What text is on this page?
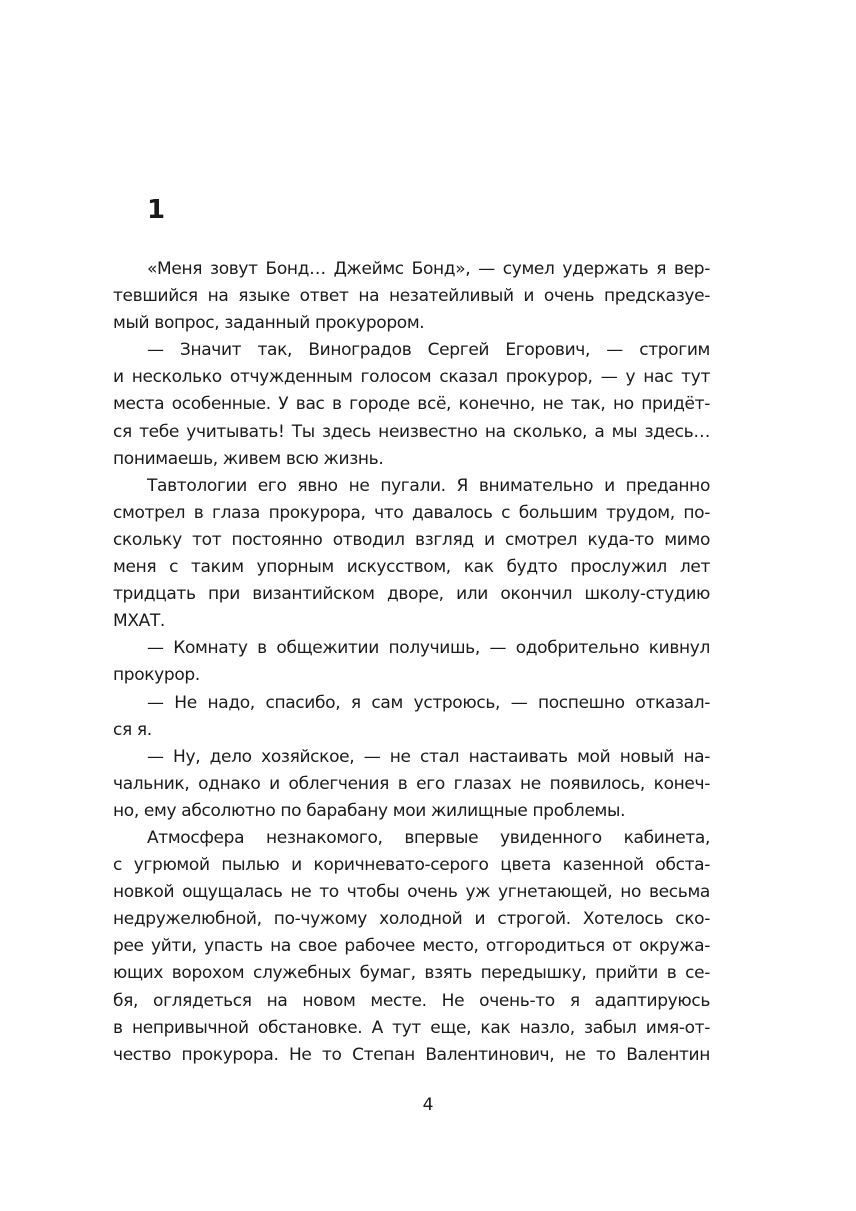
1
«Меня зовут Бонд… Джеймс Бонд», — сумел удержать я вер-
тевшийся на языке ответ на незатейливый и очень предсказуе-
мый вопрос, заданный прокурором.
— Значит так, Виноградов Сергей Егорович, — строгим
и несколько отчужденным голосом сказал прокурор, — у нас тут
места особенные. У вас в городе всё, конечно, не так, но придёт-
ся тебе учитывать! Ты здесь неизвестно на сколько, а мы здесь…
понимаешь, живем всю жизнь.
Тавтологии его явно не пугали. Я внимательно и преданно
смотрел в глаза прокурора, что давалось с большим трудом, по-
скольку тот постоянно отводил взгляд и смотрел куда-то мимо
меня с таким упорным искусством, как будто прослужил лет
тридцать при византийском дворе, или окончил школу-студию
МХАТ.
— Комнату в общежитии получишь, — одобрительно кивнул
прокурор.
— Не надо, спасибо, я сам устроюсь, — поспешно отказал-
ся я.
— Ну, дело хозяйское, — не стал настаивать мой новый на-
чальник, однако и облегчения в его глазах не появилось, конеч-
но, ему абсолютно по барабану мои жилищные проблемы.
Атмосфера незнакомого, впервые увиденного кабинета,
с угрюмой пылью и коричневато-серого цвета казенной обста-
новкой ощущалась не то чтобы очень уж угнетающей, но весьма
недружелюбной, по-чужому холодной и строгой. Хотелось ско-
рее уйти, упасть на свое рабочее место, отгородиться от окружа-
ющих ворохом служебных бумаг, взять передышку, прийти в се-
бя, оглядеться на новом месте. Не очень-то я адаптируюсь
в непривычной обстановке. А тут еще, как назло, забыл имя-от-
чество прокурора. Не то Степан Валентинович, не то Валентин
4
